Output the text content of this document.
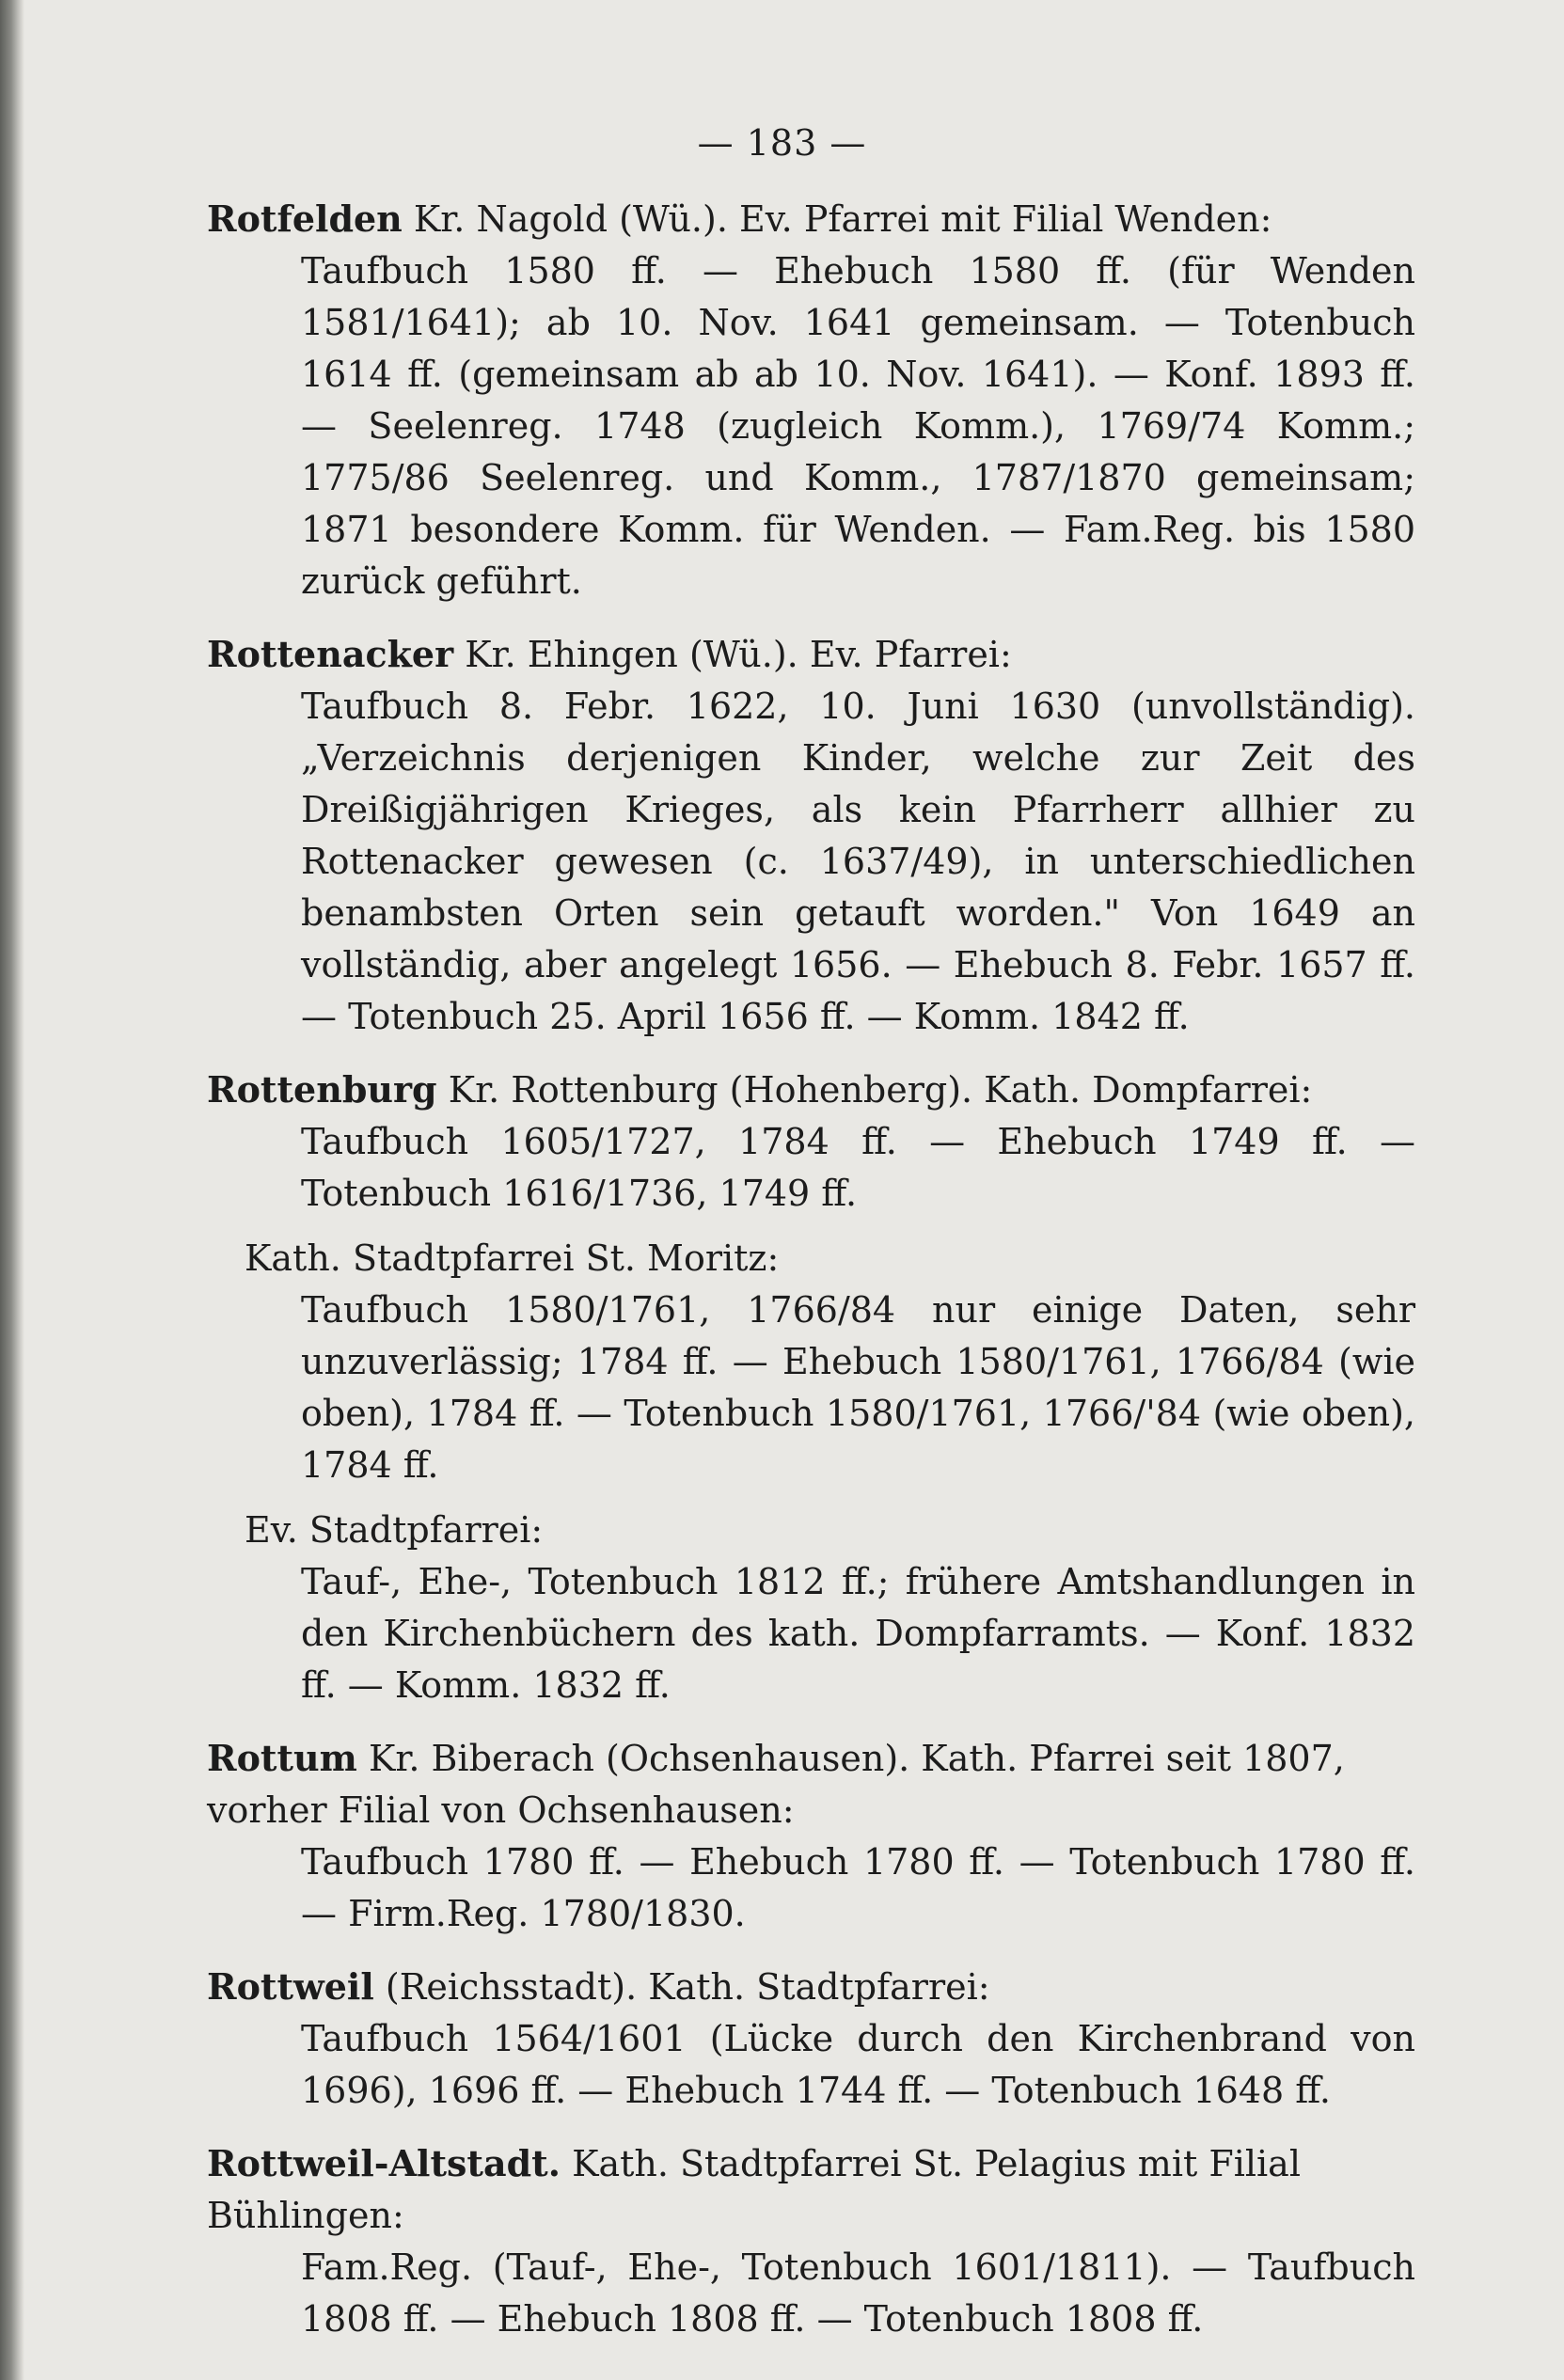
— 183 —
Rotfelden Kr. Nagold (Wü.). Ev. Pfarrei mit Filial Wenden:
Taufbuch 1580 ff. — Ehebuch 1580 ff. (für Wenden 1581/1641); ab 10. Nov. 1641 gemeinsam. — Totenbuch 1614 ff. (gemeinsam ab ab 10. Nov. 1641). — Konf. 1893 ff. — Seelenreg. 1748 (zugleich Komm.), 1769/74 Komm.; 1775/86 Seelenreg. und Komm., 1787/1870 gemeinsam; 1871 besondere Komm. für Wenden. — Fam.Reg. bis 1580 zurück geführt.
Rottenacker Kr. Ehingen (Wü.). Ev. Pfarrei:
Taufbuch 8. Febr. 1622, 10. Juni 1630 (unvollständig). „Verzeichnis derjenigen Kinder, welche zur Zeit des Dreißigjährigen Krieges, als kein Pfarrherr allhier zu Rottenacker gewesen (c. 1637/49), in unterschiedlichen benambsten Orten sein getauft worden." Von 1649 an vollständig, aber angelegt 1656. — Ehebuch 8. Febr. 1657 ff. — Totenbuch 25. April 1656 ff. — Komm. 1842 ff.
Rottenburg Kr. Rottenburg (Hohenberg). Kath. Dompfarrei:
Taufbuch 1605/1727, 1784 ff. — Ehebuch 1749 ff. — Totenbuch 1616/1736, 1749 ff.
Kath. Stadtpfarrei St. Moritz:
Taufbuch 1580/1761, 1766/84 nur einige Daten, sehr unzuverlässig; 1784 ff. — Ehebuch 1580/1761, 1766/84 (wie oben), 1784 ff. — Totenbuch 1580/1761, 1766/'84 (wie oben), 1784 ff.
Ev. Stadtpfarrei:
Tauf-, Ehe-, Totenbuch 1812 ff.; frühere Amtshandlungen in den Kirchenbüchern des kath. Dompfarramts. — Konf. 1832 ff. — Komm. 1832 ff.
Rottum Kr. Biberach (Ochsenhausen). Kath. Pfarrei seit 1807, vorher Filial von Ochsenhausen:
Taufbuch 1780 ff. — Ehebuch 1780 ff. — Totenbuch 1780 ff. — Firm.Reg. 1780/1830.
Rottweil (Reichsstadt). Kath. Stadtpfarrei:
Taufbuch 1564/1601 (Lücke durch den Kirchenbrand von 1696), 1696 ff. — Ehebuch 1744 ff. — Totenbuch 1648 ff.
Rottweil-Altstadt. Kath. Stadtpfarrei St. Pelagius mit Filial Bühlingen:
Fam.Reg. (Tauf-, Ehe-, Totenbuch 1601/1811). — Taufbuch 1808 ff. — Ehebuch 1808 ff. — Totenbuch 1808 ff.
